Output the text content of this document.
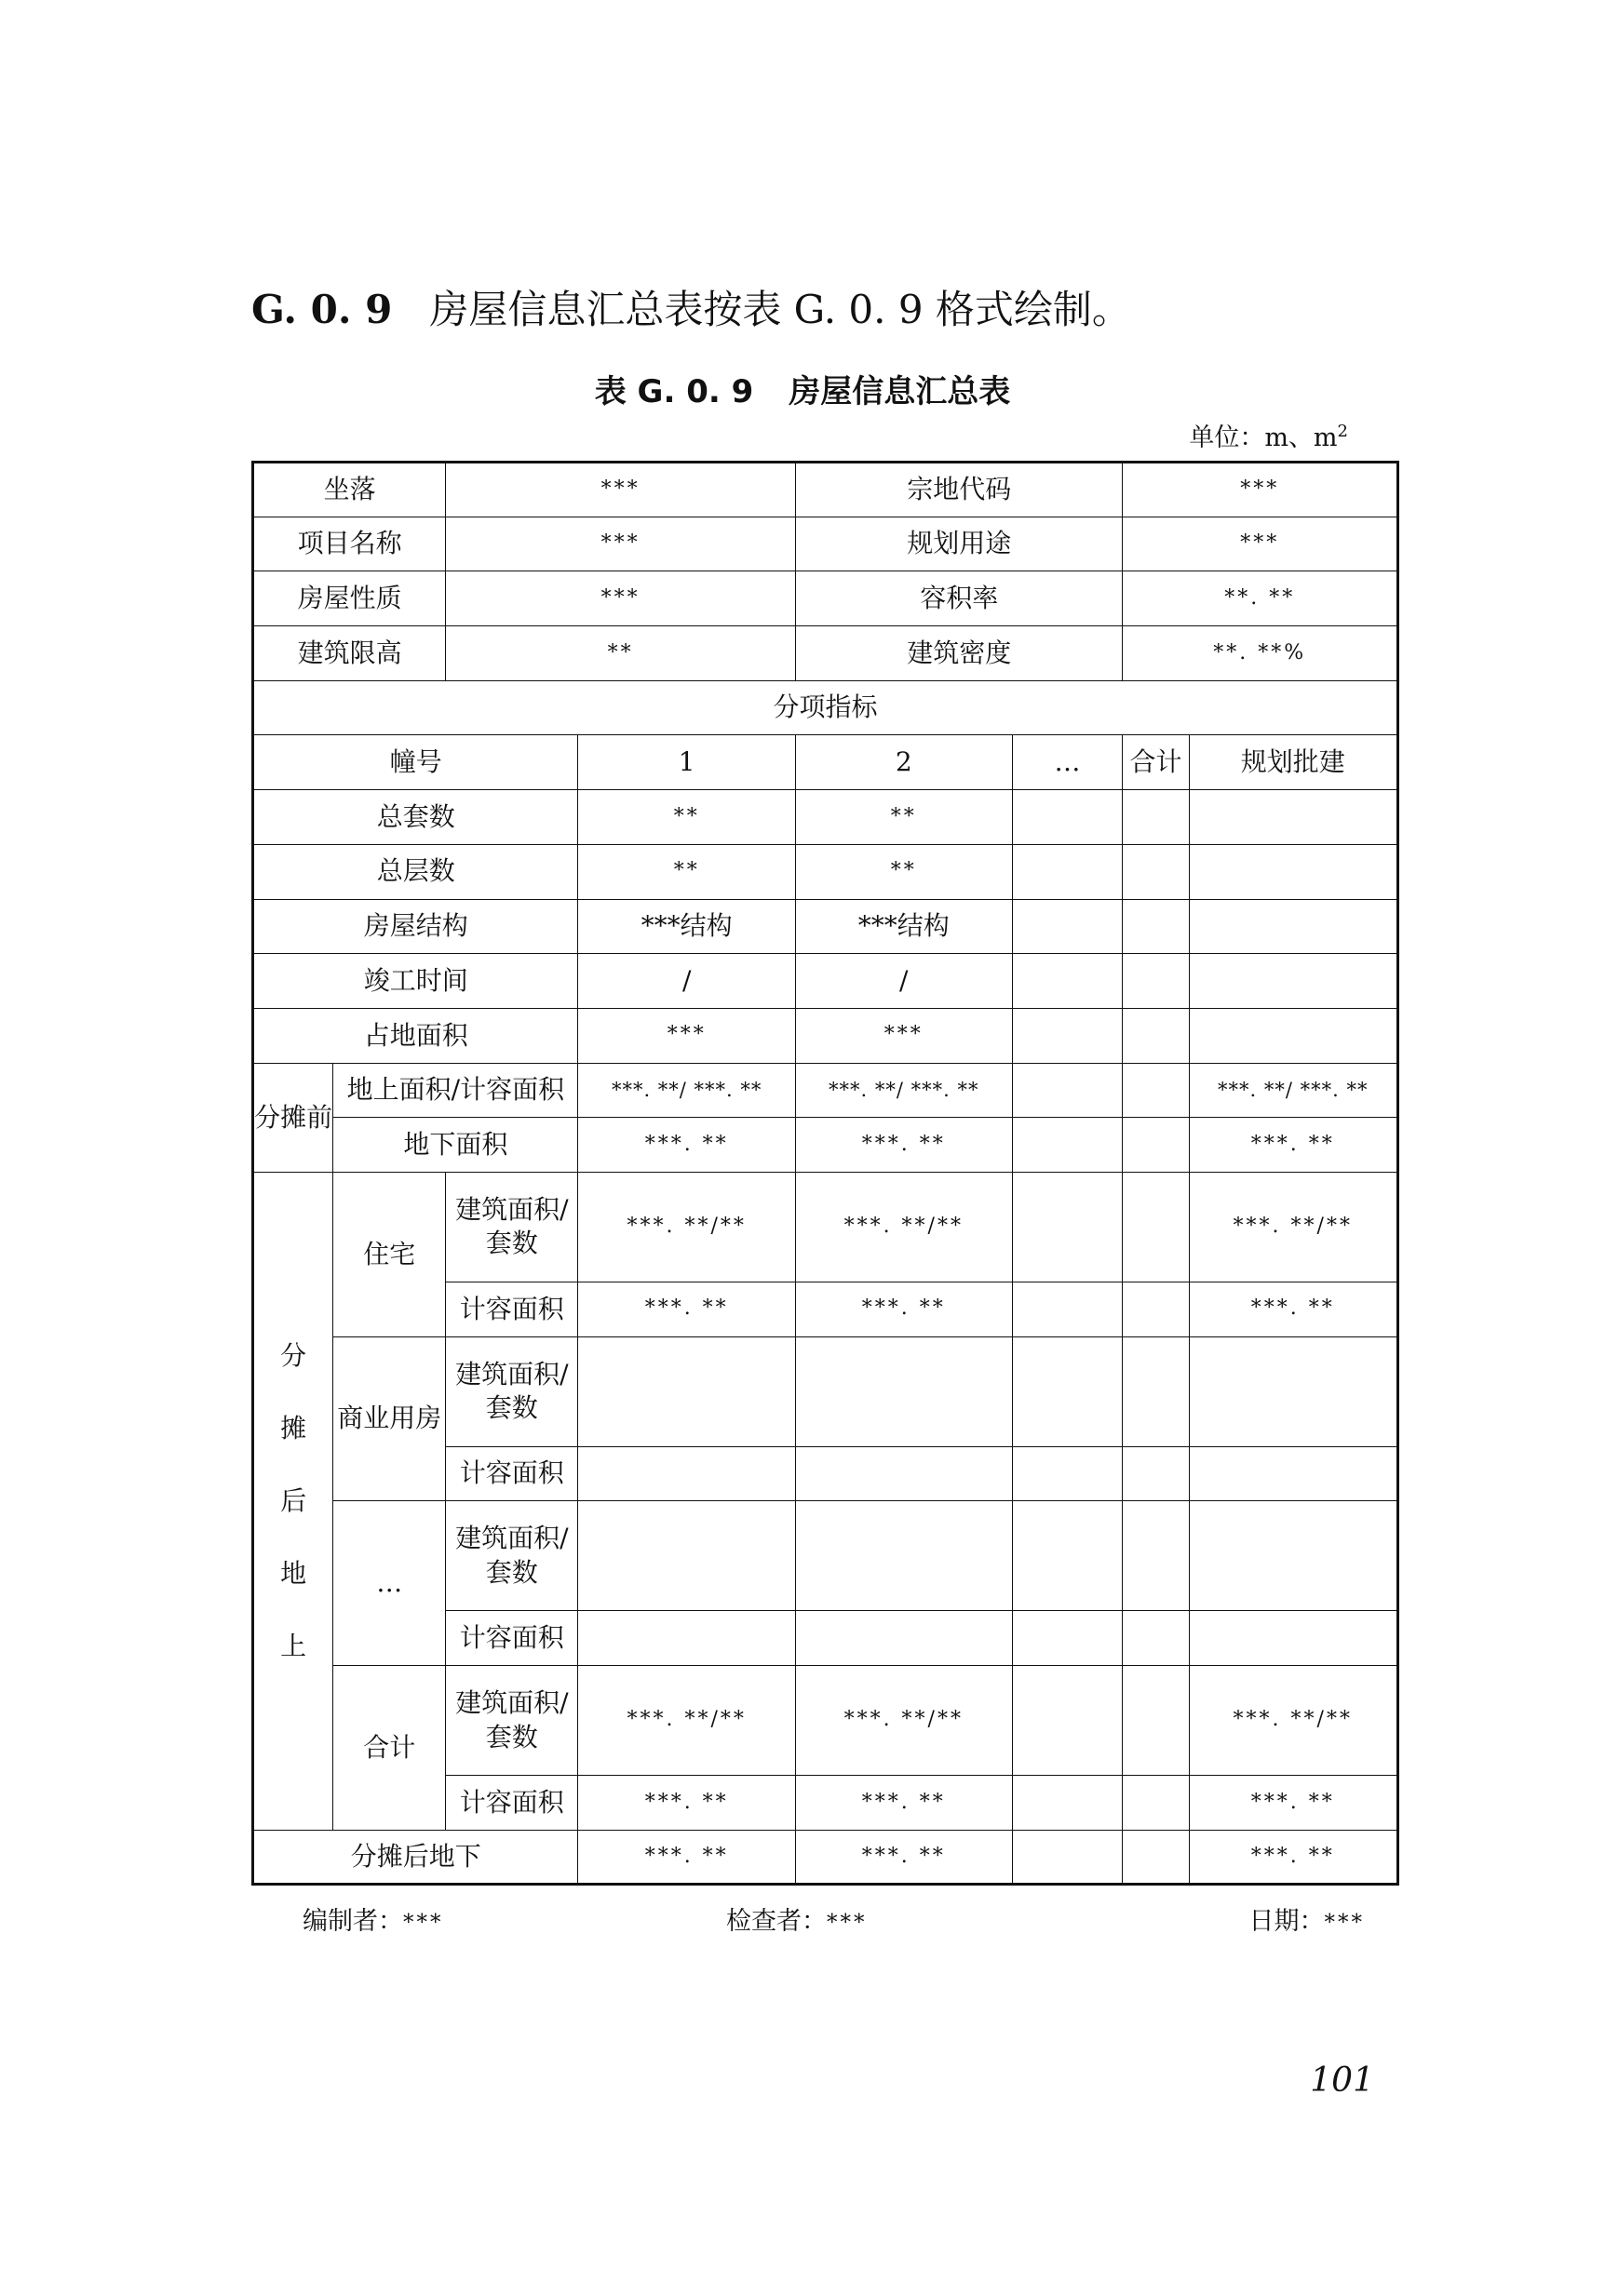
G. 0. 9 房屋信息汇总表按表 G. 0. 9 格式绘制。
表 G. 0. 9 房屋信息汇总表
单位：m、$m^2$
坐落		***		宗地代码		***	
项目名称		***		规划用途		***	
房屋性质		***		容积率		**. **	
建筑限高		**		建筑密度		**. **%	
分项指标							
幢号			1	2	…	合计	规划批建
总套数			**	**			
总层数			**	**			
房屋结构			***结构	***结构			
竣工时间			/	/			
占地面积			***	***			
分摊前	地上面积/计容面积		***. **/ ***. **	***. **/ ***. **			***. **/ ***. **
	地下面积		***. **	***. **			***. **

分
摊
后
地
上	住宅	建筑面积/套数	***. **/**	***. **/**			***. **/**
		计容面积	***. **	***. **			***. **
	商业用房	建筑面积/套数					
		计容面积					
	…	建筑面积/套数					
		计容面积					
	合计	建筑面积/套数	***. **/**	***. **/**			***. **/**
		计容面积	***. **	***. **			***. **
分摊后地下			***. **	***. **			***. **
编制者：***	检查者：***	日期：***
101
